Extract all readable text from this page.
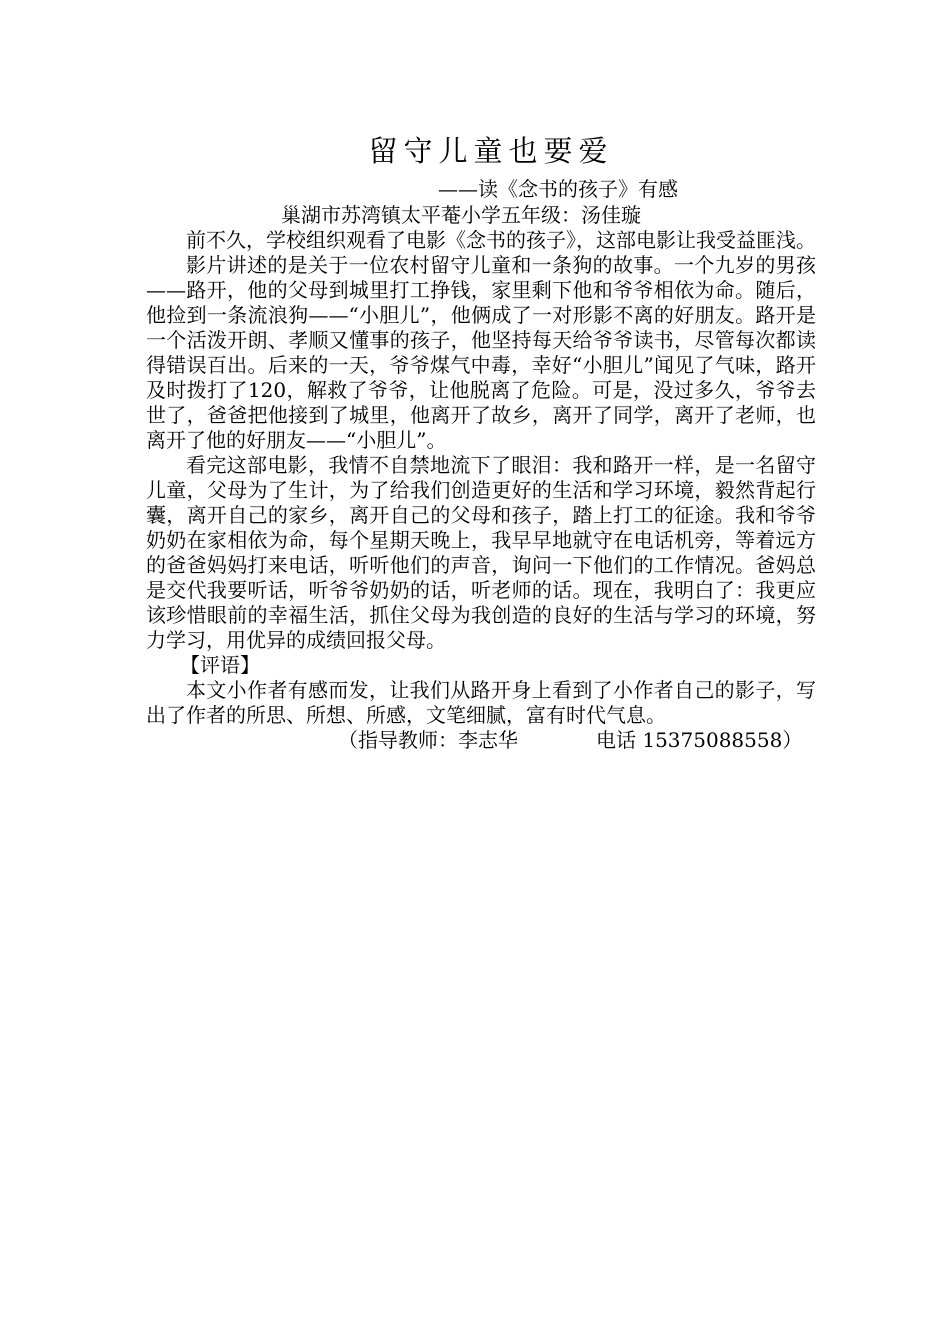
留守儿童也要爱
——读《念书的孩子》有感
巢湖市苏湾镇太平菴小学五年级：汤佳璇

前不久，学校组织观看了电影《念书的孩子》，这部电影让我受益匪浅。

影片讲述的是关于一位农村留守儿童和一条狗的故事。一个九岁的男孩——路开，他的父母到城里打工挣钱，家里剩下他和爷爷相依为命。随后，他捡到一条流浪狗——“小胆儿”，他俩成了一对形影不离的好朋友。路开是一个活泼开朗、孝顺又懂事的孩子，他坚持每天给爷爷读书，尽管每次都读得错误百出。后来的一天，爷爷煤气中毒，幸好“小胆儿”闻见了气味，路开及时拨打了120，解救了爷爷，让他脱离了危险。可是，没过多久，爷爷去世了，爸爸把他接到了城里，他离开了故乡，离开了同学，离开了老师，也离开了他的好朋友——“小胆儿”。

看完这部电影，我情不自禁地流下了眼泪：我和路开一样，是一名留守儿童，父母为了生计，为了给我们创造更好的生活和学习环境，毅然背起行囊，离开自己的家乡，离开自己的父母和孩子，踏上打工的征途。我和爷爷奶奶在家相依为命，每个星期天晚上，我早早地就守在电话机旁，等着远方的爸爸妈妈打来电话，听听他们的声音，询问一下他们的工作情况。爸妈总是交代我要听话，听爷爷奶奶的话，听老师的话。现在，我明白了：我更应该珍惜眼前的幸福生活，抓住父母为我创造的良好的生活与学习的环境，努力学习，用优异的成绩回报父母。

【评语】

本文小作者有感而发，让我们从路开身上看到了小作者自己的影子，写出了作者的所思、所想、所感，文笔细腻，富有时代气息。

（指导教师：李志华	电话 15375088558）
